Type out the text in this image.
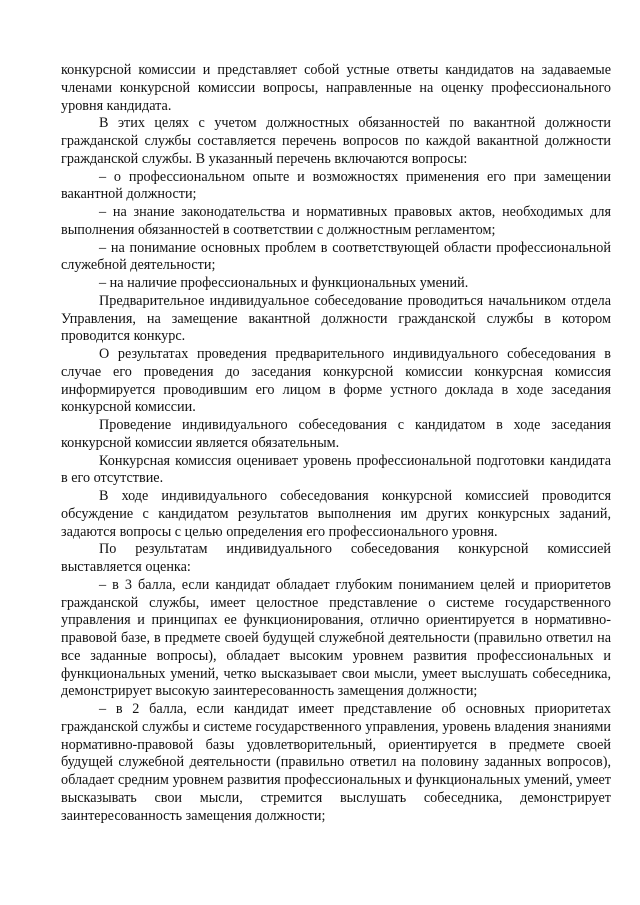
конкурсной комиссии и представляет собой устные ответы кандидатов на задаваемые членами конкурсной комиссии вопросы, направленные на оценку профессионального уровня кандидата.

В этих целях с учетом должностных обязанностей по вакантной должности гражданской службы составляется перечень вопросов по каждой вакантной должности гражданской службы. В указанный перечень включаются вопросы:

– о профессиональном опыте и возможностях применения его при замещении вакантной должности;

– на знание законодательства и нормативных правовых актов, необходимых для выполнения обязанностей в соответствии с должностным регламентом;

– на понимание основных проблем в соответствующей области профессиональной служебной деятельности;

– на наличие профессиональных и функциональных умений.

Предварительное индивидуальное собеседование проводиться начальником отдела Управления, на замещение вакантной должности гражданской службы в котором проводится конкурс.

О результатах проведения предварительного индивидуального собеседования в случае его проведения до заседания конкурсной комиссии конкурсная комиссия информируется проводившим его лицом в форме устного доклада в ходе заседания конкурсной комиссии.

Проведение индивидуального собеседования с кандидатом в ходе заседания конкурсной комиссии является обязательным.

Конкурсная комиссия оценивает уровень профессиональной подготовки кандидата в его отсутствие.

В ходе индивидуального собеседования конкурсной комиссией проводится обсуждение с кандидатом результатов выполнения им других конкурсных заданий, задаются вопросы с целью определения его профессионального уровня.

По результатам индивидуального собеседования конкурсной комиссией выставляется оценка:

– в 3 балла, если кандидат обладает глубоким пониманием целей и приоритетов гражданской службы, имеет целостное представление о системе государственного управления и принципах ее функционирования, отлично ориентируется в нормативно-правовой базе, в предмете своей будущей служебной деятельности (правильно ответил на все заданные вопросы), обладает высоким уровнем развития профессиональных и функциональных умений, четко высказывает свои мысли, умеет выслушать собеседника, демонстрирует высокую заинтересованность замещения должности;

– в 2 балла, если кандидат имеет представление об основных приоритетах гражданской службы и системе государственного управления, уровень владения знаниями нормативно-правовой базы удовлетворительный, ориентируется в предмете своей будущей служебной деятельности (правильно ответил на половину заданных вопросов), обладает средним уровнем развития профессиональных и функциональных умений, умеет высказывать свои мысли, стремится выслушать собеседника, демонстрирует заинтересованность замещения должности;
